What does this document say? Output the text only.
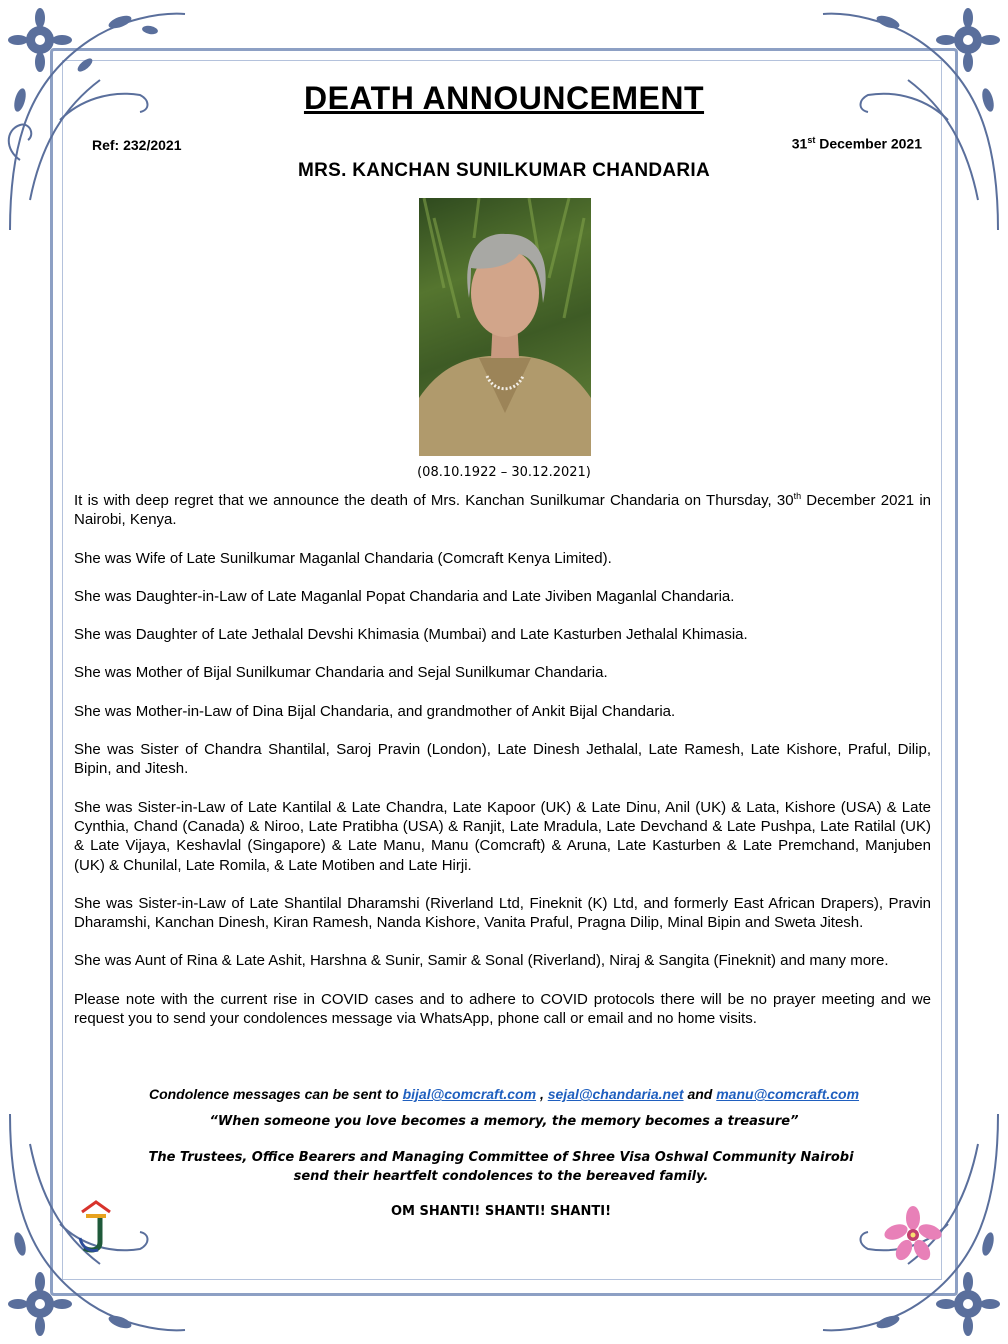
DEATH ANNOUNCEMENT
Ref: 232/2021	31st December 2021
MRS. KANCHAN SUNILKUMAR CHANDARIA
(08.10.1922 – 30.12.2021)

It is with deep regret that we announce the death of Mrs. Kanchan Sunilkumar Chandaria on Thursday, 30th December 2021 in Nairobi, Kenya.

She was Wife of Late Sunilkumar Maganlal Chandaria (Comcraft Kenya Limited).

She was Daughter-in-Law of Late Maganlal Popat Chandaria and Late Jiviben Maganlal Chandaria.

She was Daughter of Late Jethalal Devshi Khimasia (Mumbai) and Late Kasturben Jethalal Khimasia.

She was Mother of Bijal Sunilkumar Chandaria and Sejal Sunilkumar Chandaria.

She was Mother-in-Law of Dina Bijal Chandaria, and grandmother of Ankit Bijal Chandaria.

She was Sister of Chandra Shantilal, Saroj Pravin (London), Late Dinesh Jethalal, Late Ramesh, Late Kishore, Praful, Dilip, Bipin, and Jitesh.

She was Sister-in-Law of Late Kantilal & Late Chandra, Late Kapoor (UK) & Late Dinu, Anil (UK) & Lata, Kishore (USA) & Late Cynthia, Chand (Canada) & Niroo, Late Pratibha (USA) & Ranjit, Late Mradula, Late Devchand & Late Pushpa, Late Ratilal (UK) & Late Vijaya, Keshavlal (Singapore) & Late Manu, Manu (Comcraft) & Aruna, Late Kasturben & Late Premchand, Manjuben (UK) & Chunilal, Late Romila, & Late Motiben and Late Hirji.

She was Sister-in-Law of Late Shantilal Dharamshi (Riverland Ltd, Fineknit (K) Ltd, and formerly East African Drapers), Pravin Dharamshi, Kanchan Dinesh, Kiran Ramesh, Nanda Kishore, Vanita Praful, Pragna Dilip, Minal Bipin and Sweta Jitesh.

She was Aunt of Rina & Late Ashit, Harshna & Sunir, Samir & Sonal (Riverland), Niraj & Sangita (Fineknit) and many more.

Please note with the current rise in COVID cases and to adhere to COVID protocols there will be no prayer meeting and we request you to send your condolences message via WhatsApp, phone call or email and no home visits.

Condolence messages can be sent to bijal@comcraft.com , sejal@chandaria.net and manu@comcraft.com
“When someone you love becomes a memory, the memory becomes a treasure”
The Trustees, Office Bearers and Managing Committee of Shree Visa Oshwal Community Nairobi
send their heartfelt condolences to the bereaved family.
OM SHANTI! SHANTI! SHANTI!
